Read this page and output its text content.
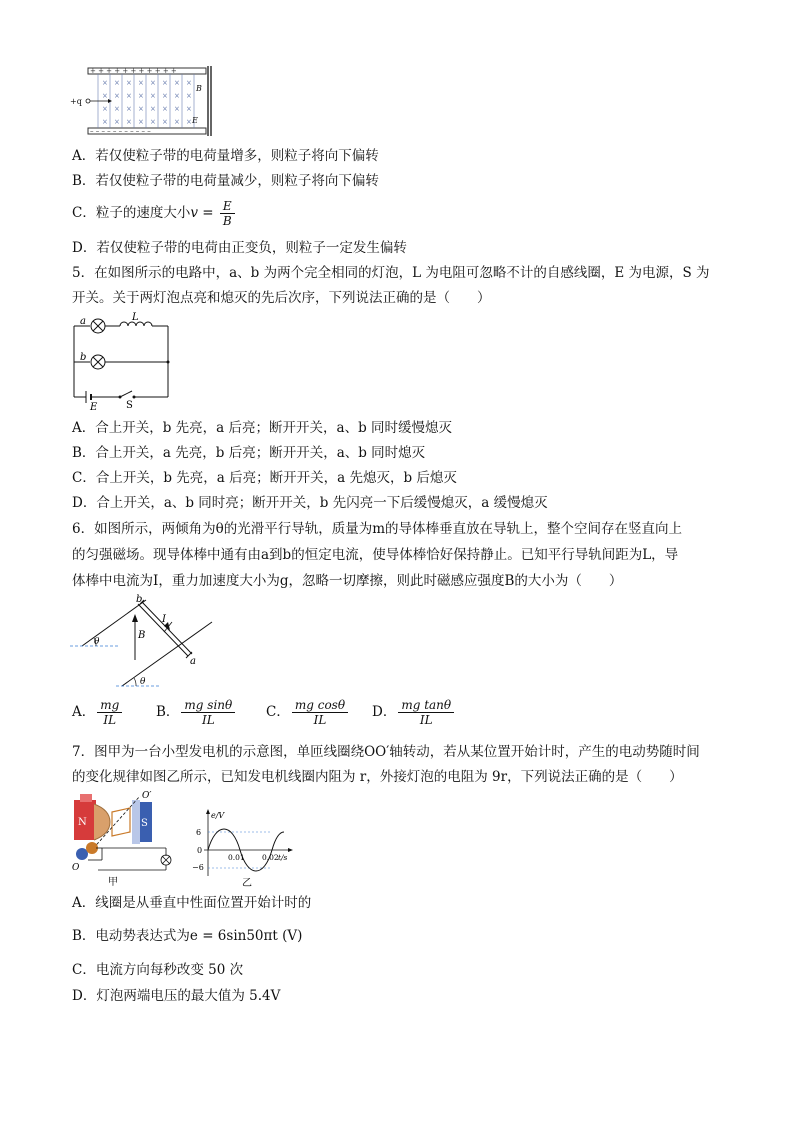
+ + + + + + + + + + +
– – – – – – – – – – –
× × × × × × × ×
× × × × × × × ×
× × × × × × × ×
× × × × × × × ×
+q
B
E
A．若仅使粒子带的电荷量增多，则粒子将向下偏转
B．若仅使粒子带的电荷量减少，则粒子将向下偏转
C．粒子的速度大小$v = \frac{E}{B}$
D．若仅使粒子带的电荷由正变负，则粒子一定发生偏转
5．在如图所示的电路中，a、b 为两个完全相同的灯泡，L 为电阻可忽略不计的自感线圈，E 为电源，S 为
开关。关于两灯泡点亮和熄灭的先后次序，下列说法正确的是（　　）
a
b
L
E	S
A．合上开关，b 先亮，a 后亮；断开开关，a、b 同时缓慢熄灭
B．合上开关，a 先亮，b 后亮；断开开关，a、b 同时熄灭
C．合上开关，b 先亮，a 后亮；断开开关，a 先熄灭，b 后熄灭
D．合上开关，a、b 同时亮；断开开关，b 先闪亮一下后缓慢熄灭，a 缓慢熄灭
6．如图所示，两倾角为θ的光滑平行导轨，质量为m的导体棒垂直放在导轨上，整个空间存在竖直向上
的匀强磁场。现导体棒中通有由a到b的恒定电流，使导体棒恰好保持静止。已知平行导轨间距为L，导
体棒中电流为I，重力加速度大小为g，忽略一切摩擦，则此时磁感应强度B的大小为（　　）
θ
θ
b
a
I
B
A． $\frac{mg}{IL}$ B． $\frac{\text{mg sinθ}}{IL}$ C． $\frac{\text{mg cosθ}}{IL}$ D． $\frac{\text{mg tanθ}}{IL}$
7．图甲为一台小型发电机的示意图，单匝线圈绕OO′轴转动，若从某位置开始计时，产生的电动势随时间
的变化规律如图乙所示，已知发电机线圈内阻为 r，外接灯泡的电阻为 9r，下列说法正确的是（　　）
N	S
O′
O
甲
e/V
6
0
−6
0.01 0.02 t/s
乙
A．线圈是从垂直中性面位置开始计时的
B．电动势表达式为e = 6sin50πt (V)
C．电流方向每秒改变 50 次
D．灯泡两端电压的最大值为 5.4V
